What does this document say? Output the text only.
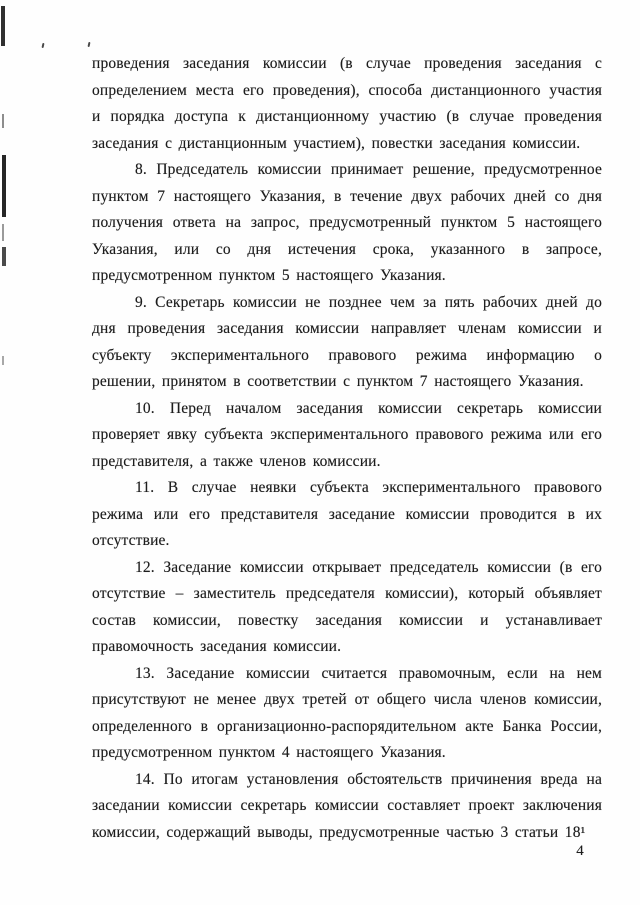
проведения заседания комиссии (в случае проведения заседания с определением места его проведения), способа дистанционного участия и порядка доступа к дистанционному участию (в случае проведения заседания с дистанционным участием), повестки заседания комиссии.

8. Председатель комиссии принимает решение, предусмотренное пунктом 7 настоящего Указания, в течение двух рабочих дней со дня получения ответа на запрос, предусмотренный пунктом 5 настоящего Указания, или со дня истечения срока, указанного в запросе, предусмотренном пунктом 5 настоящего Указания.

9. Секретарь комиссии не позднее чем за пять рабочих дней до дня проведения заседания комиссии направляет членам комиссии и субъекту экспериментального правового режима информацию о решении, принятом в соответствии с пунктом 7 настоящего Указания.

10. Перед началом заседания комиссии секретарь комиссии проверяет явку субъекта экспериментального правового режима или его представителя, а также членов комиссии.

11. В случае неявки субъекта экспериментального правового режима или его представителя заседание комиссии проводится в их отсутствие.

12. Заседание комиссии открывает председатель комиссии (в его отсутствие – заместитель председателя комиссии), который объявляет состав комиссии, повестку заседания комиссии и устанавливает правомочность заседания комиссии.

13. Заседание комиссии считается правомочным, если на нем присутствуют не менее двух третей от общего числа членов комиссии, определенного в организационно-распорядительном акте Банка России, предусмотренном пунктом 4 настоящего Указания.

14. По итогам установления обстоятельств причинения вреда на заседании комиссии секретарь комиссии составляет проект заключения комиссии, содержащий выводы, предусмотренные частью 3 статьи 18¹

4
